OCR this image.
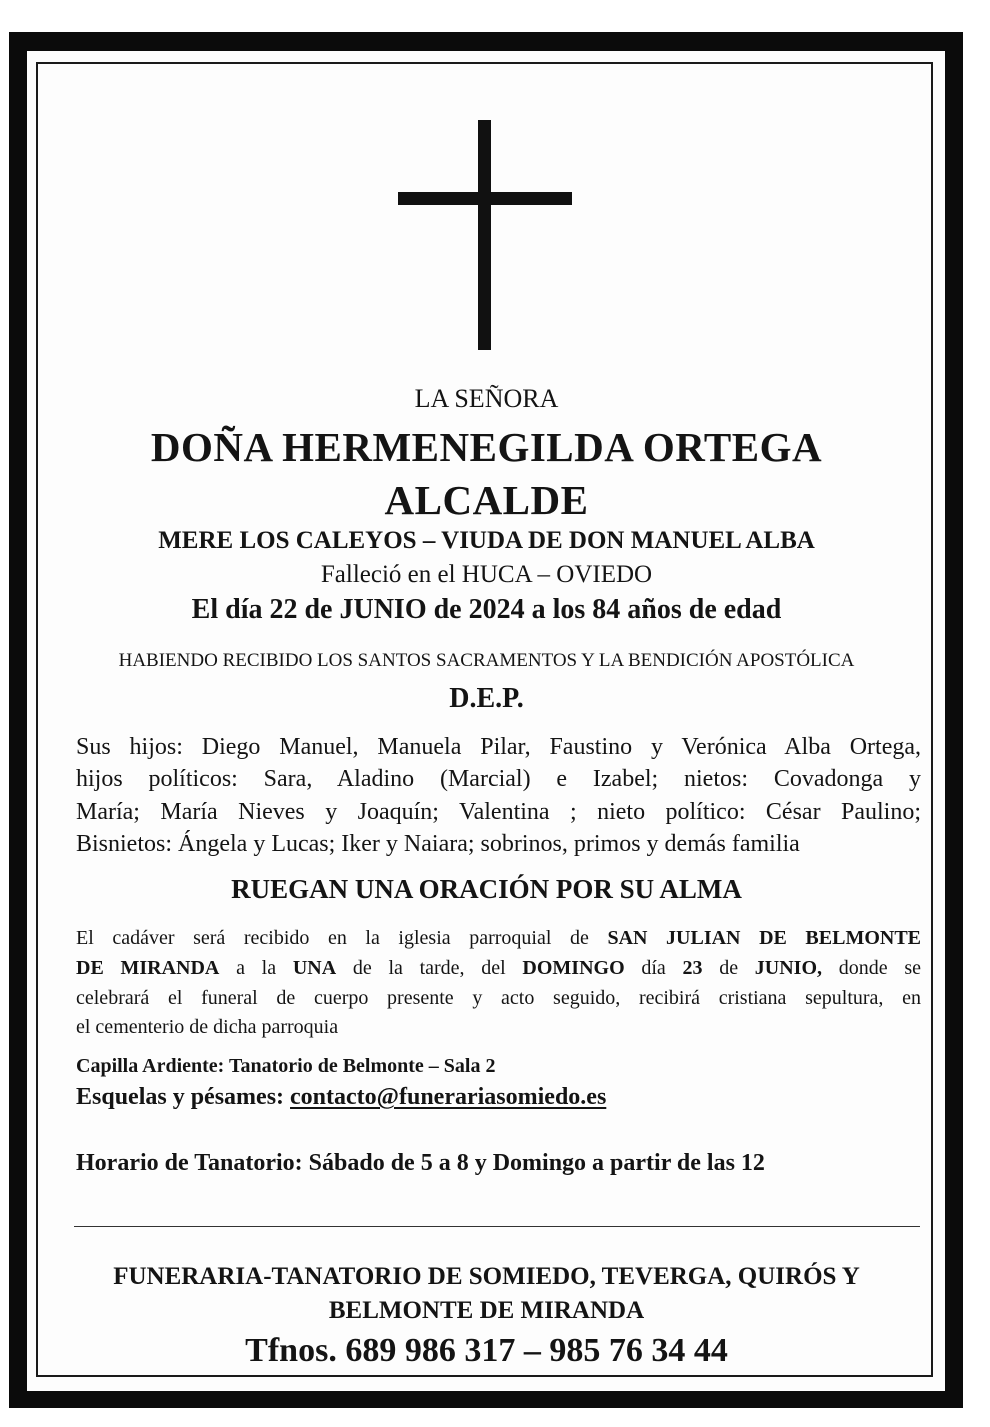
LA SEÑORA

DOÑA HERMENEGILDA ORTEGA

ALCALDE

MERE LOS CALEYOS – VIUDA DE DON MANUEL ALBA

Falleció en el HUCA – OVIEDO

El día 22 de JUNIO de 2024 a los 84 años de edad

HABIENDO RECIBIDO LOS SANTOS SACRAMENTOS Y LA BENDICIÓN APOSTÓLICA

D.E.P.

Sus hijos: Diego Manuel, Manuela Pilar, Faustino y Verónica Alba Ortega,

hijos políticos: Sara, Aladino (Marcial) e Izabel; nietos: Covadonga y

María; María Nieves y Joaquín; Valentina ; nieto político: César Paulino;

Bisnietos: Ángela y Lucas; Iker y Naiara; sobrinos, primos y demás familia

RUEGAN UNA ORACIÓN POR SU ALMA

El cadáver será recibido en la iglesia parroquial de SAN JULIAN DE BELMONTE

DE MIRANDA a la UNA de la tarde, del DOMINGO día 23 de JUNIO, donde se

celebrará el funeral de cuerpo presente y acto seguido, recibirá cristiana sepultura, en

el cementerio de dicha parroquia

Capilla Ardiente: Tanatorio de Belmonte – Sala 2

Esquelas y pésames: contacto@funerariasomiedo.es

Horario de Tanatorio: Sábado de 5 a 8 y Domingo a partir de las 12

FUNERARIA-TANATORIO DE SOMIEDO, TEVERGA, QUIRÓS Y

BELMONTE DE MIRANDA

Tfnos. 689 986 317 – 985 76 34 44
